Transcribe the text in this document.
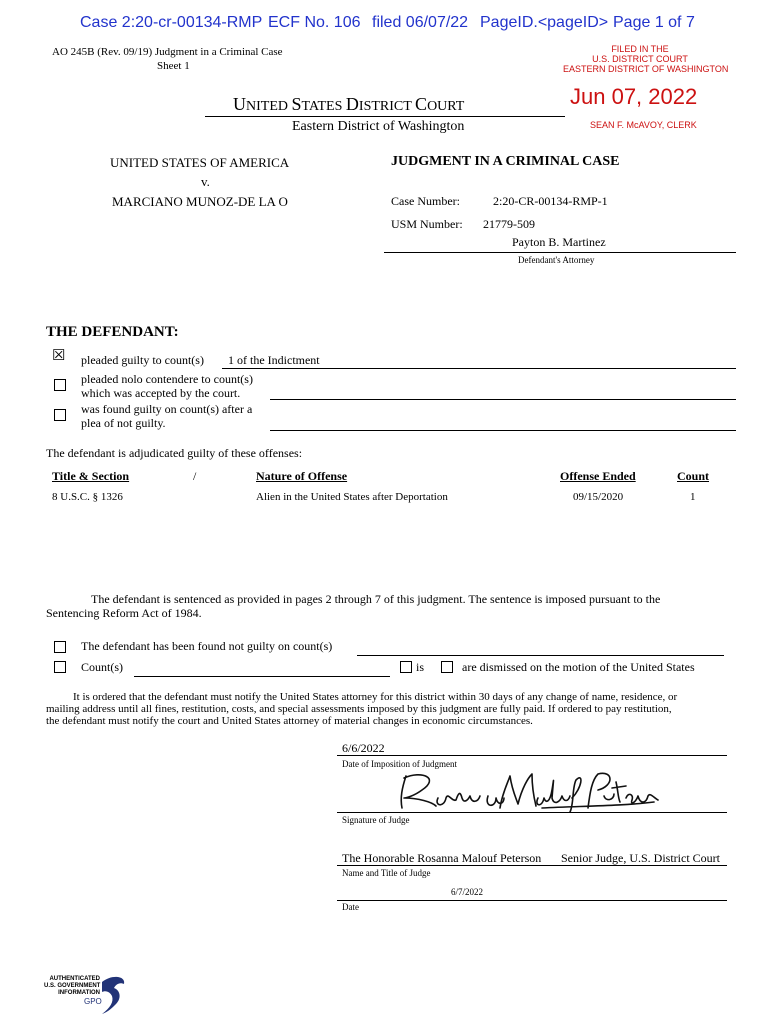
Case 2:20-cr-00134-RMP ECF No. 106 filed 06/07/22 PageID.<pageID> Page 1 of 7
AO 245B (Rev. 09/19) Judgment in a Criminal Case
Sheet 1
FILED IN THE
U.S. DISTRICT COURT
EASTERN DISTRICT OF WASHINGTON
Jun 07, 2022
SEAN F. McAVOY, CLERK
UNITED STATES DISTRICT COURT
Eastern District of Washington
UNITED STATES OF AMERICA
v.
MARCIANO MUNOZ-DE LA O
JUDGMENT IN A CRIMINAL CASE
Case Number:	2:20-CR-00134-RMP-1
USM Number: 21779-509
Payton B. Martinez
Defendant's Attorney
THE DEFENDANT:
☒ pleaded guilty to count(s) 1 of the Indictment
pleaded nolo contendere to count(s)
which was accepted by the court.
was found guilty on count(s) after a
plea of not guilty.
The defendant is adjudicated guilty of these offenses:
Title & Section	/	Nature of Offense	Offense Ended	Count
8 U.S.C. § 1326	Alien in the United States after Deportation	09/15/2020	1
The defendant is sentenced as provided in pages 2 through 7 of this judgment. The sentence is imposed pursuant to the
Sentencing Reform Act of 1984.
The defendant has been found not guilty on count(s)
Count(s)	is	are dismissed on the motion of the United States
It is ordered that the defendant must notify the United States attorney for this district within 30 days of any change of name, residence, or
mailing address until all fines, restitution, costs, and special assessments imposed by this judgment are fully paid. If ordered to pay restitution,
the defendant must notify the court and United States attorney of material changes in economic circumstances.
6/6/2022
Date of Imposition of Judgment
Signature of Judge
The Honorable Rosanna Malouf Peterson Senior Judge, U.S. District Court
Name and Title of Judge
6/7/2022
Date
AUTHENTICATED
U.S. GOVERNMENT
INFORMATION
GPO
